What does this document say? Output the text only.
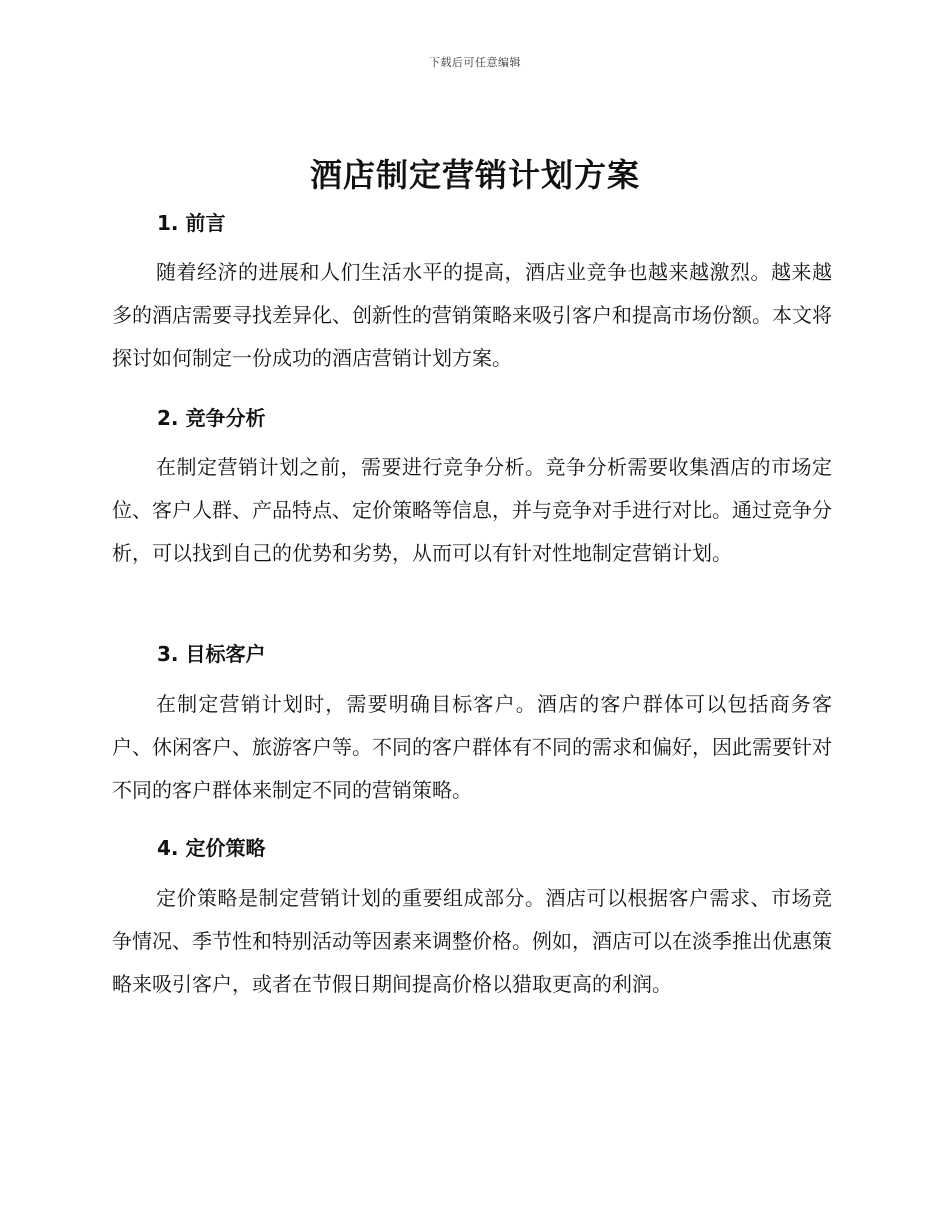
下载后可任意编辑
酒店制定营销计划方案
1. 前言

随着经济的进展和人们生活水平的提高，酒店业竞争也越来越激烈。越来越多的酒店需要寻找差异化、创新性的营销策略来吸引客户和提高市场份额。本文将探讨如何制定一份成功的酒店营销计划方案。

2. 竞争分析

在制定营销计划之前，需要进行竞争分析。竞争分析需要收集酒店的市场定位、客户人群、产品特点、定价策略等信息，并与竞争对手进行对比。通过竞争分析，可以找到自己的优势和劣势，从而可以有针对性地制定营销计划。

3. 目标客户

在制定营销计划时，需要明确目标客户。酒店的客户群体可以包括商务客户、休闲客户、旅游客户等。不同的客户群体有不同的需求和偏好，因此需要针对不同的客户群体来制定不同的营销策略。

4. 定价策略

定价策略是制定营销计划的重要组成部分。酒店可以根据客户需求、市场竞争情况、季节性和特别活动等因素来调整价格。例如，酒店可以在淡季推出优惠策略来吸引客户，或者在节假日期间提高价格以猎取更高的利润。
